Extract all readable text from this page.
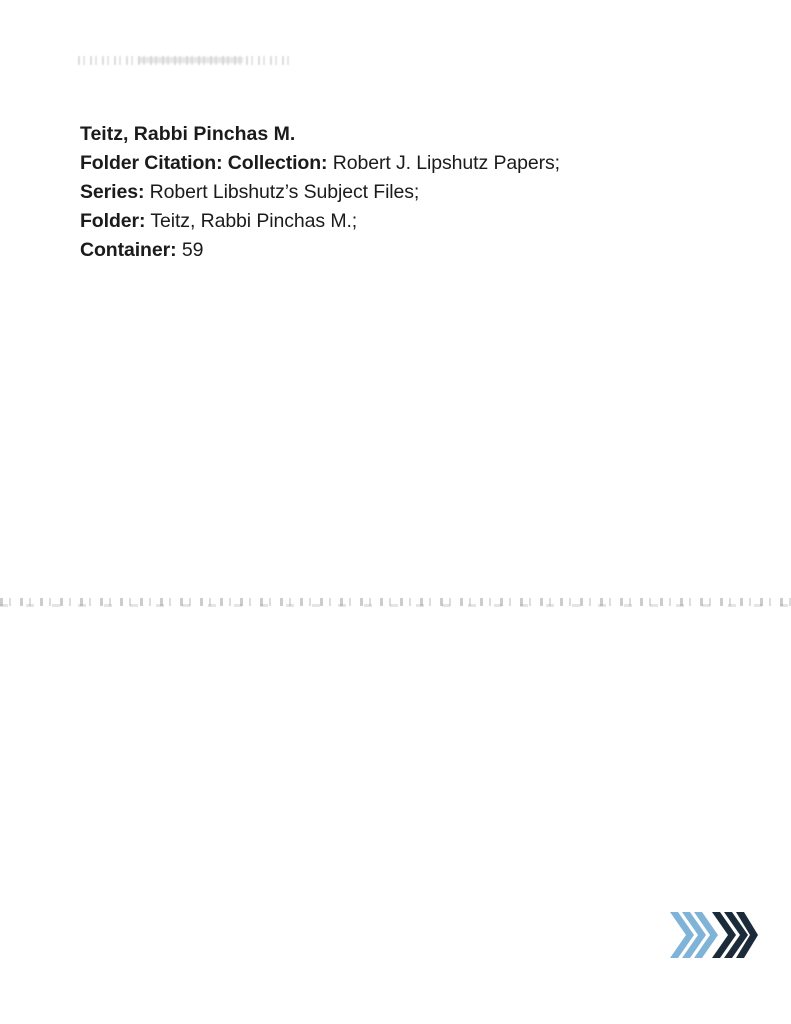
Teitz, Rabbi Pinchas M.
Folder Citation: Collection: Robert J. Lipshutz Papers;
Series: Robert Libshutz’s Subject Files;
Folder: Teitz, Rabbi Pinchas M.;
Container: 59
